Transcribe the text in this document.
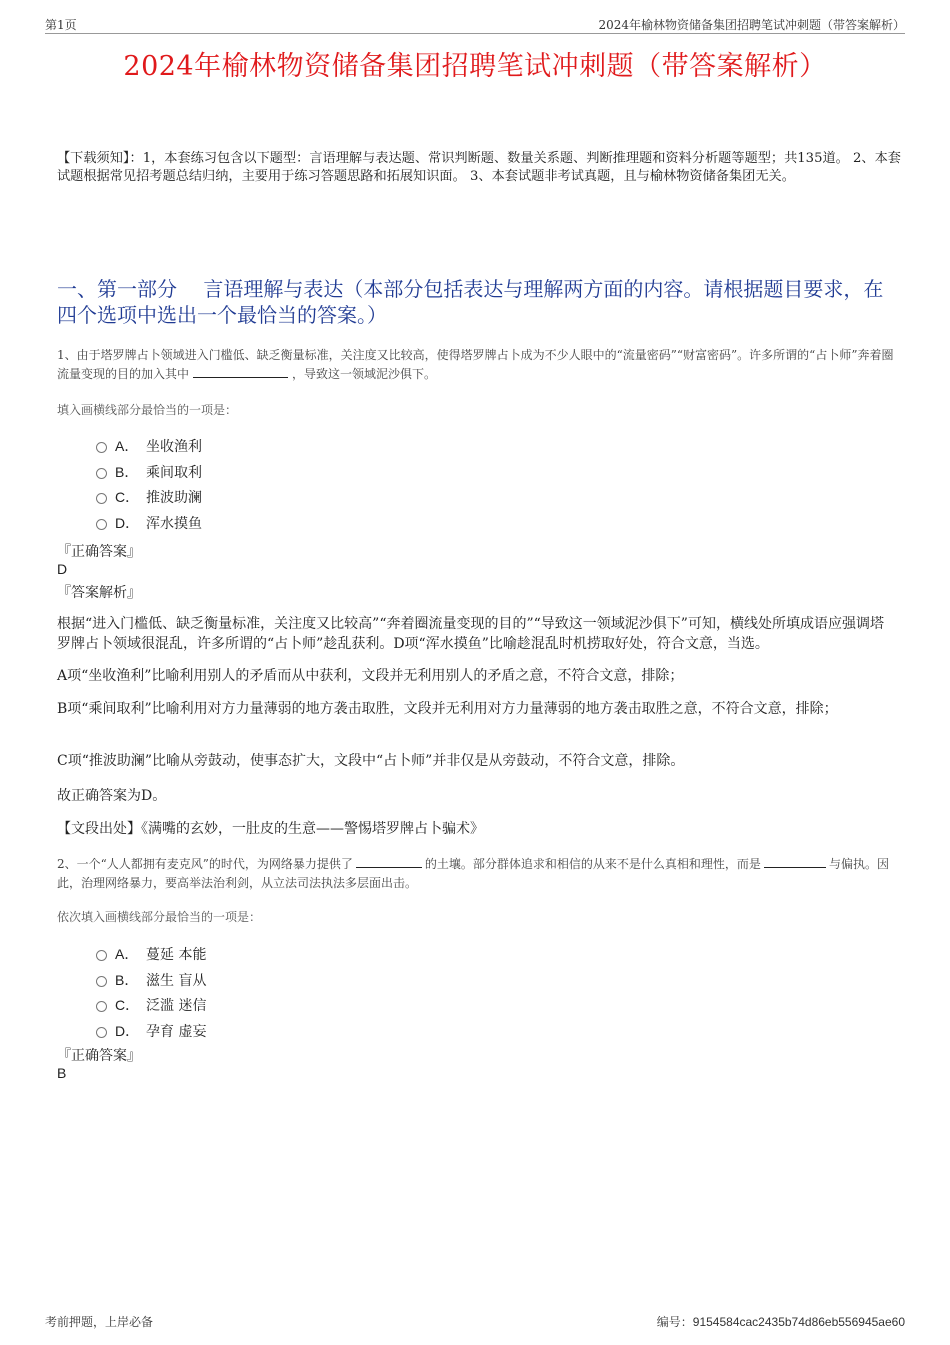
第1页	2024年榆林物资储备集团招聘笔试冲刺题（带答案解析）
2024年榆林物资储备集团招聘笔试冲刺题（带答案解析）
【下载须知】：1，本套练习包含以下题型：言语理解与表达题、常识判断题、数量关系题、判断推理题和资料分析题等题型；共135道。 2、本套试题根据常见招考题总结归纳，主要用于练习答题思路和拓展知识面。 3、本套试题非考试真题，且与榆林物资储备集团无关。
一、第一部分　 言语理解与表达（本部分包括表达与理解两方面的内容。请根据题目要求，在四个选项中选出一个最恰当的答案。）
1、由于塔罗牌占卜领域进入门槛低、缺乏衡量标准，关注度又比较高，使得塔罗牌占卜成为不少人眼中的“流量密码”“财富密码”。许多所谓的“占卜师”奔着圈流量变现的目的加入其中	，导致这一领域泥沙俱下。
填入画横线部分最恰当的一项是：
A． 坐收渔利
B． 乘间取利
C． 推波助澜
D． 浑水摸鱼
『正确答案』
D
『答案解析』
根据“进入门槛低、缺乏衡量标准，关注度又比较高”“奔着圈流量变现的目的”“导致这一领域泥沙俱下”可知，横线处所填成语应强调塔罗牌占卜领域很混乱，许多所谓的“占卜师”趁乱获利。D项“浑水摸鱼”比喻趁混乱时机捞取好处，符合文意，当选。
A项“坐收渔利”比喻利用别人的矛盾而从中获利，文段并无利用别人的矛盾之意，不符合文意，排除；
B项“乘间取利”比喻利用对方力量薄弱的地方袭击取胜，文段并无利用对方力量薄弱的地方袭击取胜之意，不符合文意，排除；
C项“推波助澜”比喻从旁鼓动，使事态扩大，文段中“占卜师”并非仅是从旁鼓动，不符合文意，排除。
故正确答案为D。
【文段出处】《满嘴的玄妙，一肚皮的生意——警惕塔罗牌占卜骗术》
2、一个“人人都拥有麦克风”的时代，为网络暴力提供了	的土壤。部分群体追求和相信的从来不是什么真相和理性，而是	与偏执。因此，治理网络暴力，要高举法治利剑，从立法司法执法多层面出击。
依次填入画横线部分最恰当的一项是：
A． 蔓延 本能
B． 滋生 盲从
C． 泛滥 迷信
D． 孕育 虚妄
『正确答案』
B
考前押题，上岸必备	编号：9154584cac2435b74d86eb556945ae60
